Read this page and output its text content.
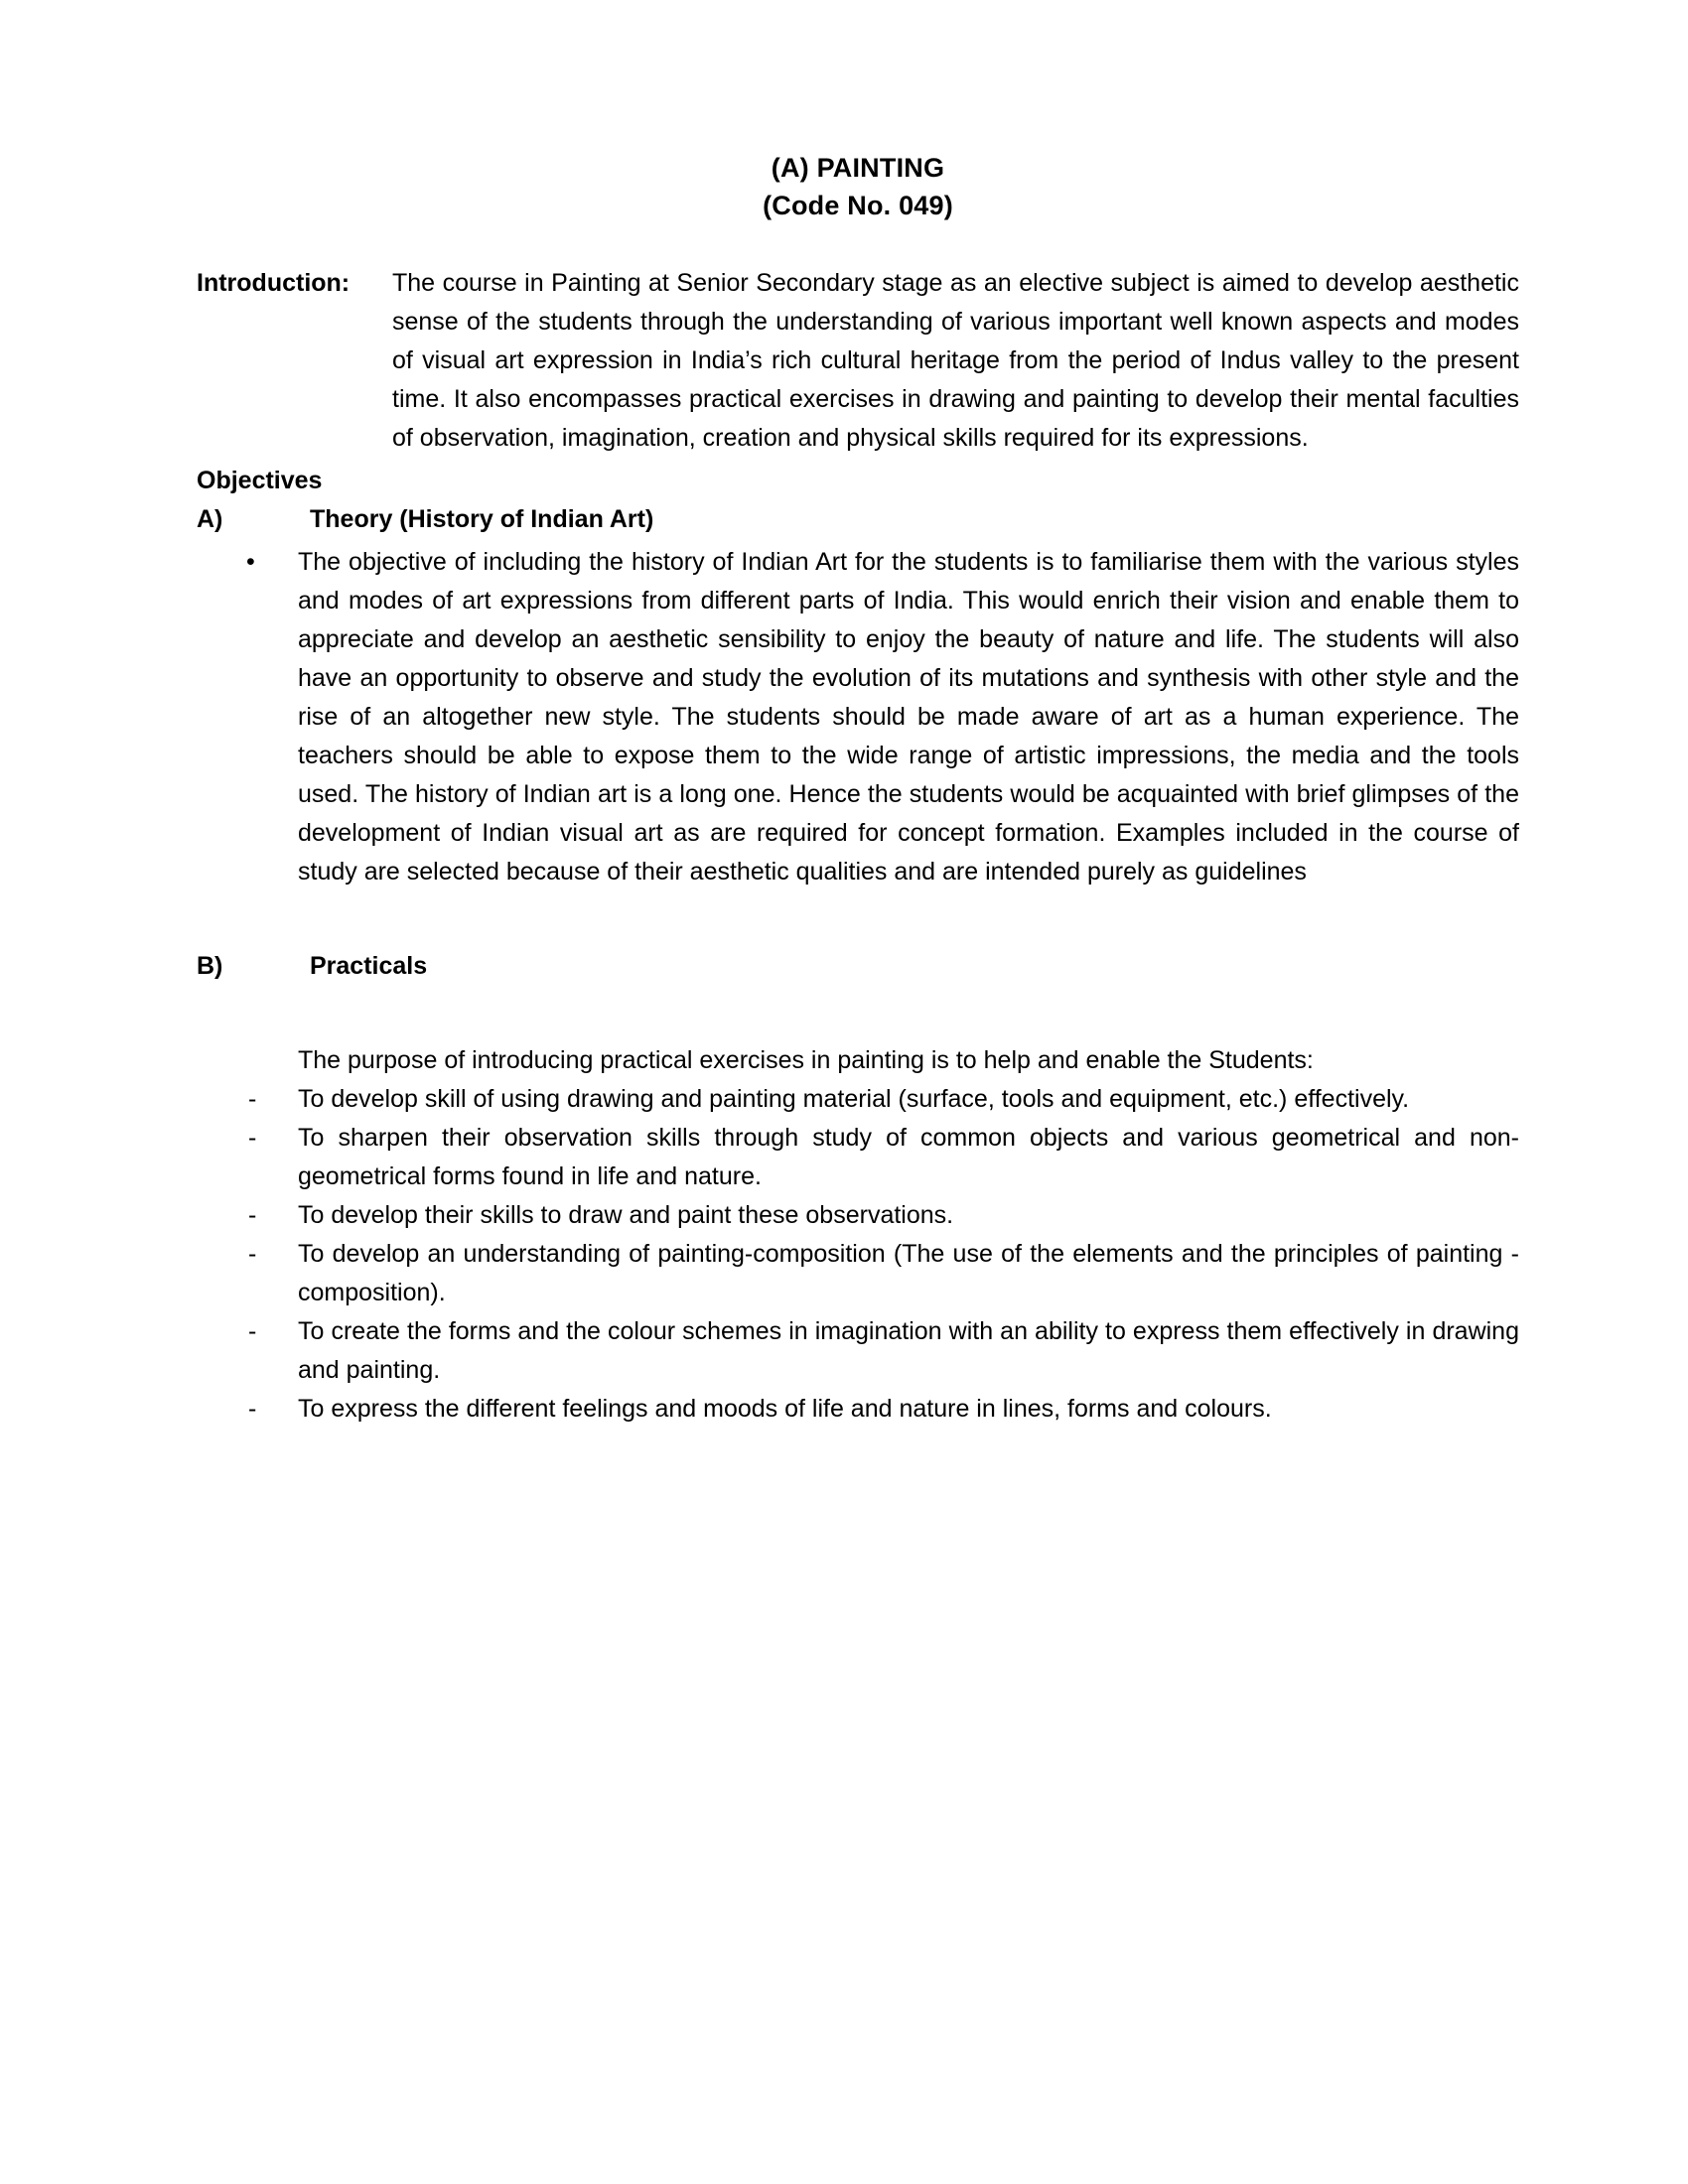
(A) PAINTING
(Code No. 049)
Introduction:	The course in Painting at Senior Secondary stage as an elective subject is aimed to develop aesthetic sense of the students through the understanding of various important well known aspects and modes of visual art expression in India’s rich cultural heritage from the period of Indus valley to the present time. It also encompasses practical exercises in drawing and painting to develop their mental faculties of observation, imagination, creation and physical skills required for its expressions.
Objectives
A)	Theory (History of Indian Art)
•	The objective of including the history of Indian Art for the students is to familiarise them with the various styles and modes of art expressions from different parts of India. This would enrich their vision and enable them to appreciate and develop an aesthetic sensibility to enjoy the beauty of nature and life. The students will also have an opportunity to observe and study the evolution of its mutations and synthesis with other style and the rise of an altogether new style. The students should be made aware of art as a human experience. The teachers should be able to expose them to the wide range of artistic impressions, the media and the tools used. The history of Indian art is a long one. Hence the students would be acquainted with brief glimpses of the development of Indian visual art as are required for concept formation. Examples included in the course of study are selected because of their aesthetic qualities and are intended purely as guidelines
B)	Practicals
The purpose of introducing practical exercises in painting is to help and enable the Students:
-	To develop skill of using drawing and painting material (surface, tools and equipment, etc.) effectively.
-	To sharpen their observation skills through study of common objects and various geometrical and non-geometrical forms found in life and nature.
-	To develop their skills to draw and paint these observations.
-	To develop an understanding of painting-composition (The use of the elements and the principles of painting -composition).
-	To create the forms and the colour schemes in imagination with an ability to express them effectively in drawing and painting.
-	To express the different feelings and moods of life and nature in lines, forms and colours.
